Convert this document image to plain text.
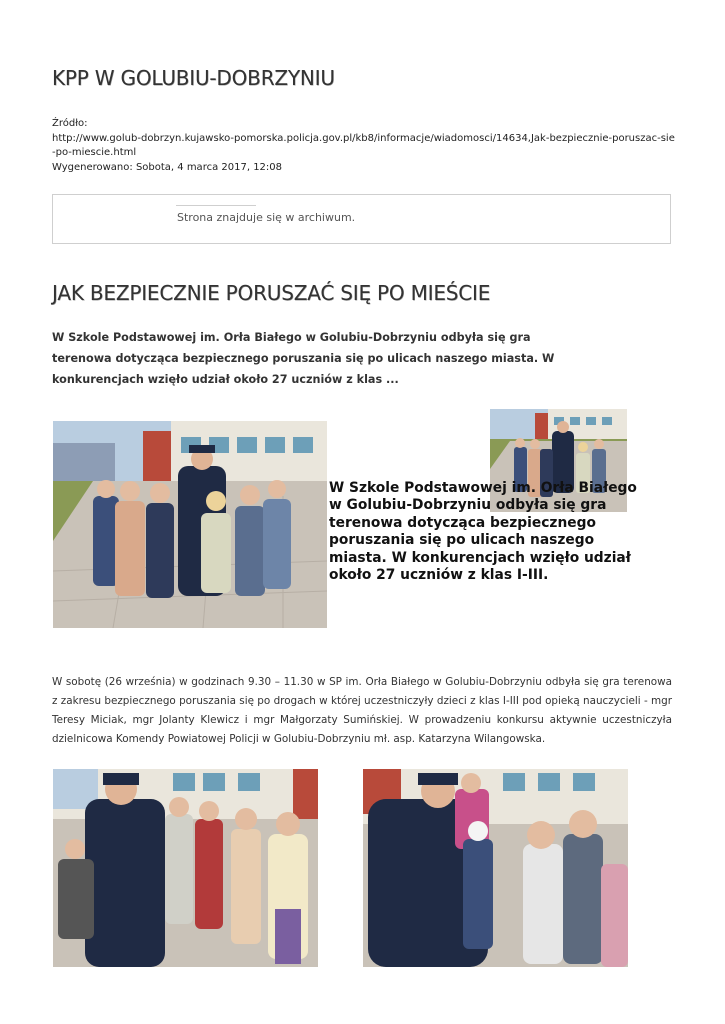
KPP W GOLUBIU-DOBRZYNIU
Źródło:
http://www.golub-dobrzyn.kujawsko-pomorska.policja.gov.pl/kb8/informacje/wiadomosci/14634,Jak-bezpiecznie-poruszac-sie-po-miescie.html
Wygenerowano: Sobota, 4 marca 2017, 12:08
Strona znajduje się w archiwum.
JAK BEZPIECZNIE PORUSZAĆ SIĘ PO MIEŚCIE
W Szkole Podstawowej im. Orła Białego w Golubiu-Dobrzyniu odbyła się gra terenowa dotycząca bezpiecznego poruszania się po ulicach naszego miasta. W konkurencjach wzięło udział około 27 uczniów z klas ...
W Szkole Podstawowej im. Orła Białego w Golubiu-Dobrzyniu odbyła się gra terenowa dotycząca bezpiecznego poruszania się po ulicach naszego miasta. W konkurencjach wzięło udział około 27 uczniów z klas I-III.
W sobotę (26 września) w godzinach 9.30 – 11.30 w SP im. Orła Białego w Golubiu-Dobrzyniu odbyła się gra terenowa z zakresu bezpiecznego poruszania się po drogach w której uczestniczyły dzieci z klas I-III pod opieką nauczycieli - mgr Teresy Miciak, mgr Jolanty Klewicz i mgr Małgorzaty Sumińskiej. W prowadzeniu konkursu aktywnie uczestniczyła dzielnicowa Komendy Powiatowej Policji w Golubiu-Dobrzyniu mł. asp. Katarzyna Wilangowska.
